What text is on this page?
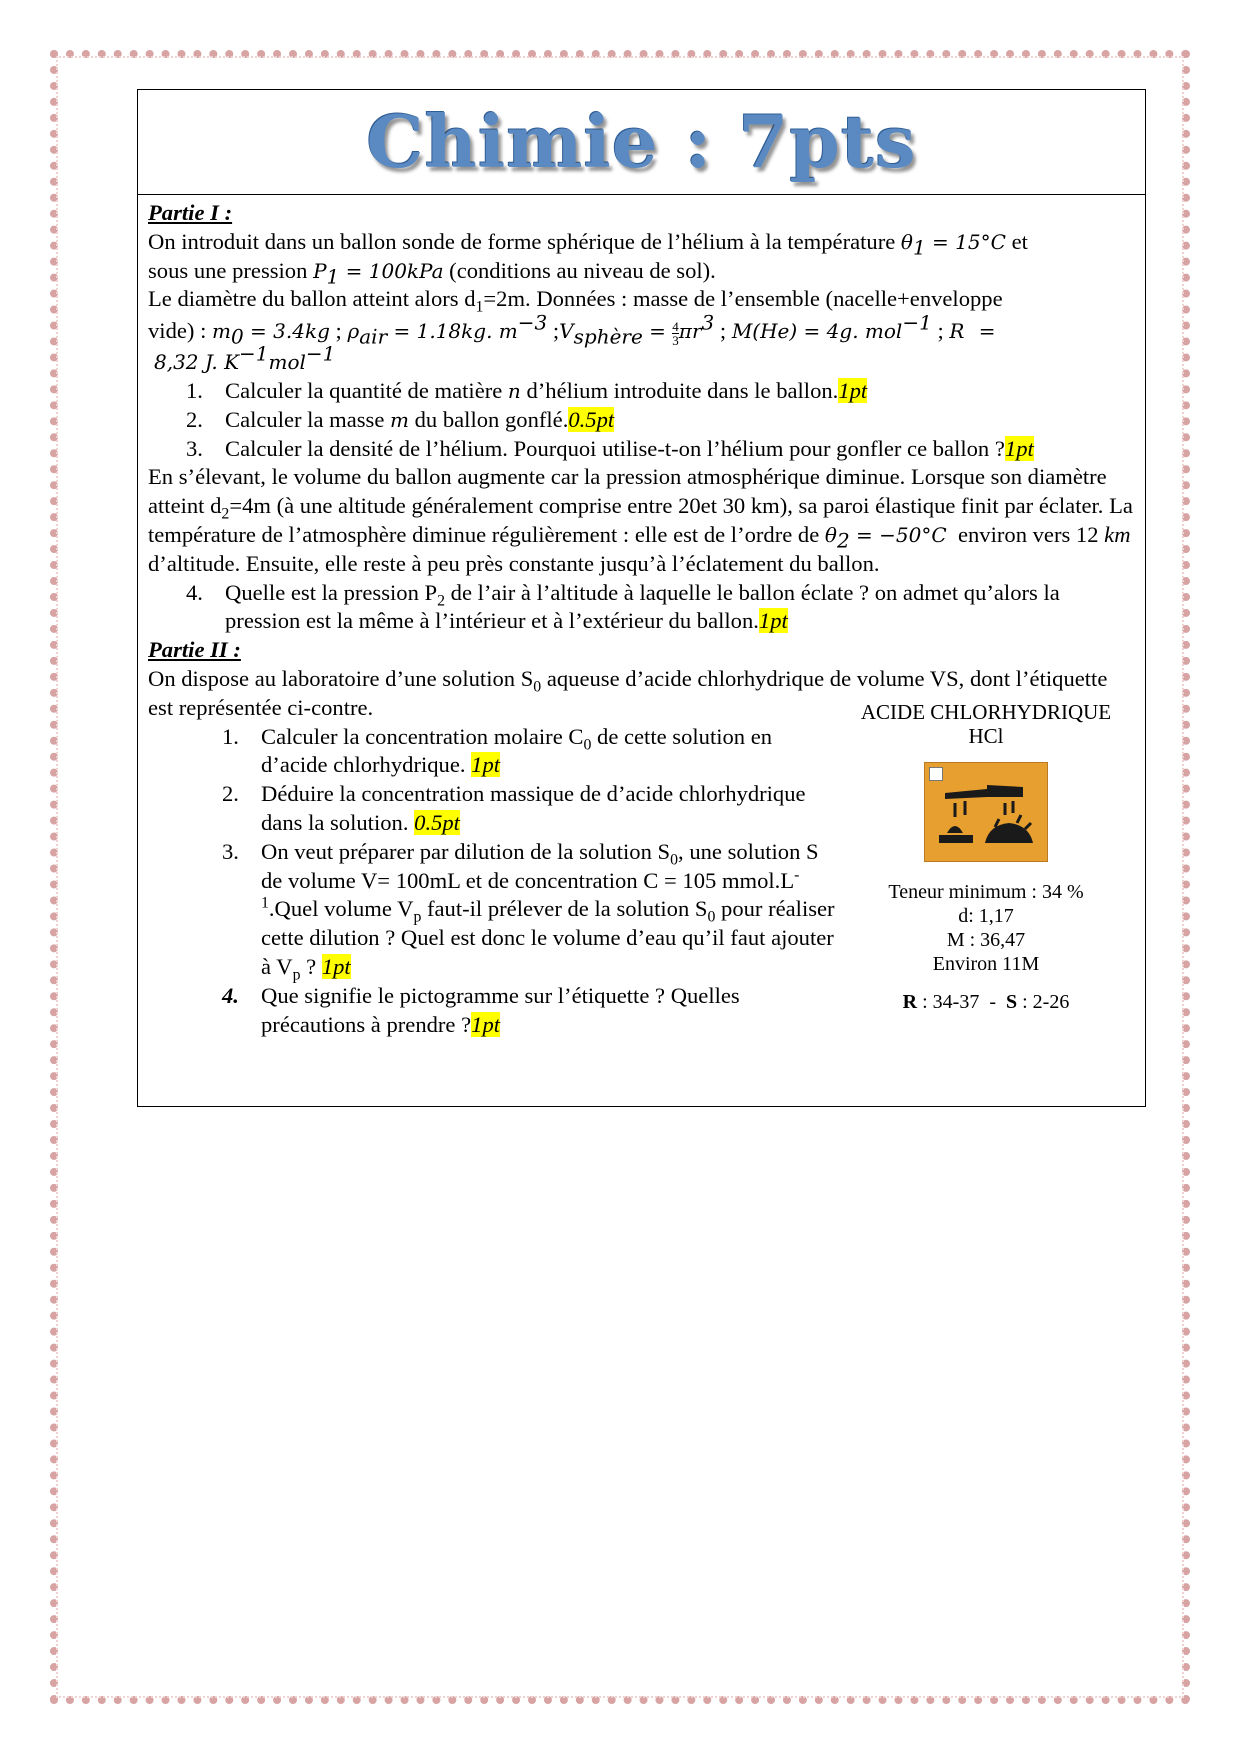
Chimie : 7pts
Partie I :

On introduit dans un ballon sonde de forme sphérique de l’hélium à la température $\theta_1 = 15^\circ C$ et
sous une pression $P_1 = 100kPa$ (conditions au niveau de sol).
Le diamètre du ballon atteint alors $d_1=2m$. Données : masse de l’ensemble (nacelle+enveloppe
vide) : $m_0 = 3.4kg$ ; $\rho_{air} = 1.18kg$. $m^{-3}$ $;V_{sphère} = \frac{4}{3} \pi r^3$ ; M(He) = 4g. mol$^{-1}$ ; R =
8,32 J. $K^{-1}mol^{-1}$

1. Calculer la quantité de matière n d’hélium introduite dans le ballon.1pt
2. Calculer la masse m du ballon gonflé.0.5pt
3. Calculer la densité de l’hélium. Pourquoi utilise-t-on l’hélium pour gonfler ce ballon ?1pt

En s’élevant, le volume du ballon augmente car la pression atmosphérique diminue. Lorsque son diamètre atteint $d_2=4m$ (à une altitude généralement comprise entre 20et 30 km), sa paroi élastique finit par éclater. La température de l’atmosphère diminue régulièrement : elle est de l’ordre de $\theta_2 = -50^\circ C$  environ vers 12 km  d’altitude. Ensuite, elle reste à peu près constante jusqu’à l’éclatement du ballon.

4. Quelle est la pression $P_2$ de l’air à l’altitude à laquelle le ballon éclate ? on admet qu’alors la pression est la même à l’intérieur et à l’extérieur du ballon.1pt
Partie II :

On dispose au laboratoire d’une solution $S_0$ aqueuse d’acide chlorhydrique de volume VS, dont l’étiquette est représentée ci-contre.

1. Calculer la concentration molaire $C_0$ de cette solution en d’acide chlorhydrique. 1pt
2. Déduire la concentration massique de d’acide chlorhydrique dans la solution. 0.5pt
3. On veut préparer par dilution de la solution $S_0$, une solution S de volume V= 100mL et de concentration C = 105 $mmol.L^{-1}.Quel$ volume $V_p$ faut-il prélever de la solution $S_0$ pour réaliser cette dilution ? Quel est donc le volume d’eau qu’il faut ajouter à $V_p$ ? 1pt
4. Que signifie le pictogramme sur l’étiquette ? Quelles précautions à prendre ?1pt
ACIDE CHLORHYDRIQUE
HCl
Teneur minimum : 34 %
d: 1,17
M : 36,47
Environ 11M
R : 34-37  -  S : 2-26
